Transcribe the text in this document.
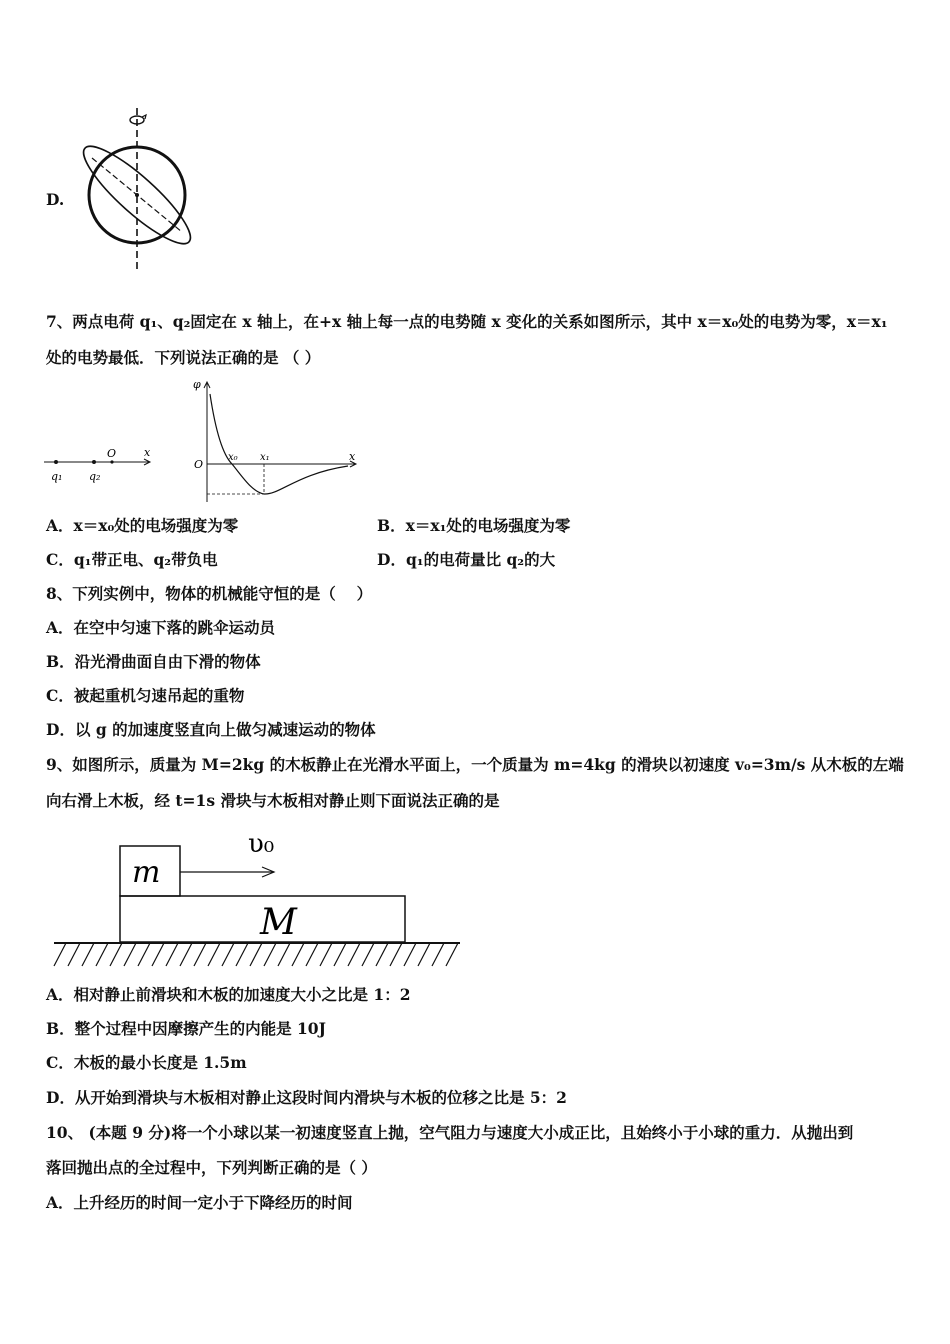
D.
7、两点电荷 q₁、q₂固定在 x 轴上，在+x 轴上每一点的电势随 x 变化的关系如图所示，其中 x＝x₀处的电势为零，x＝x₁
处的电势最低．下列说法正确的是 （ ）
q₁ q₂
O	x
φ
O
x₀ x₁	x
A．x＝x₀处的电场强度为零	B．x＝x₁处的电场强度为零
C．q₁带正电、q₂带负电	D．q₁的电荷量比 q₂的大
8、下列实例中，物体的机械能守恒的是（　 ）
A．在空中匀速下落的跳伞运动员
B．沿光滑曲面自由下滑的物体
C．被起重机匀速吊起的重物
D．以 g 的加速度竖直向上做匀减速运动的物体
9、如图所示，质量为 M=2kg 的木板静止在光滑水平面上，一个质量为 m=4kg 的滑块以初速度 v₀=3m/s 从木板的左端
向右滑上木板，经 t=1s 滑块与木板相对静止则下面说法正确的是
m
υ₀
M
A．相对静止前滑块和木板的加速度大小之比是 1：2
B．整个过程中因摩擦产生的内能是 10J
C．木板的最小长度是 1.5m
D．从开始到滑块与木板相对静止这段时间内滑块与木板的位移之比是 5：2
10、 (本题 9 分)将一个小球以某一初速度竖直上抛，空气阻力与速度大小成正比，且始终小于小球的重力．从抛出到
落回抛出点的全过程中，下列判断正确的是（ ）
A．上升经历的时间一定小于下降经历的时间
